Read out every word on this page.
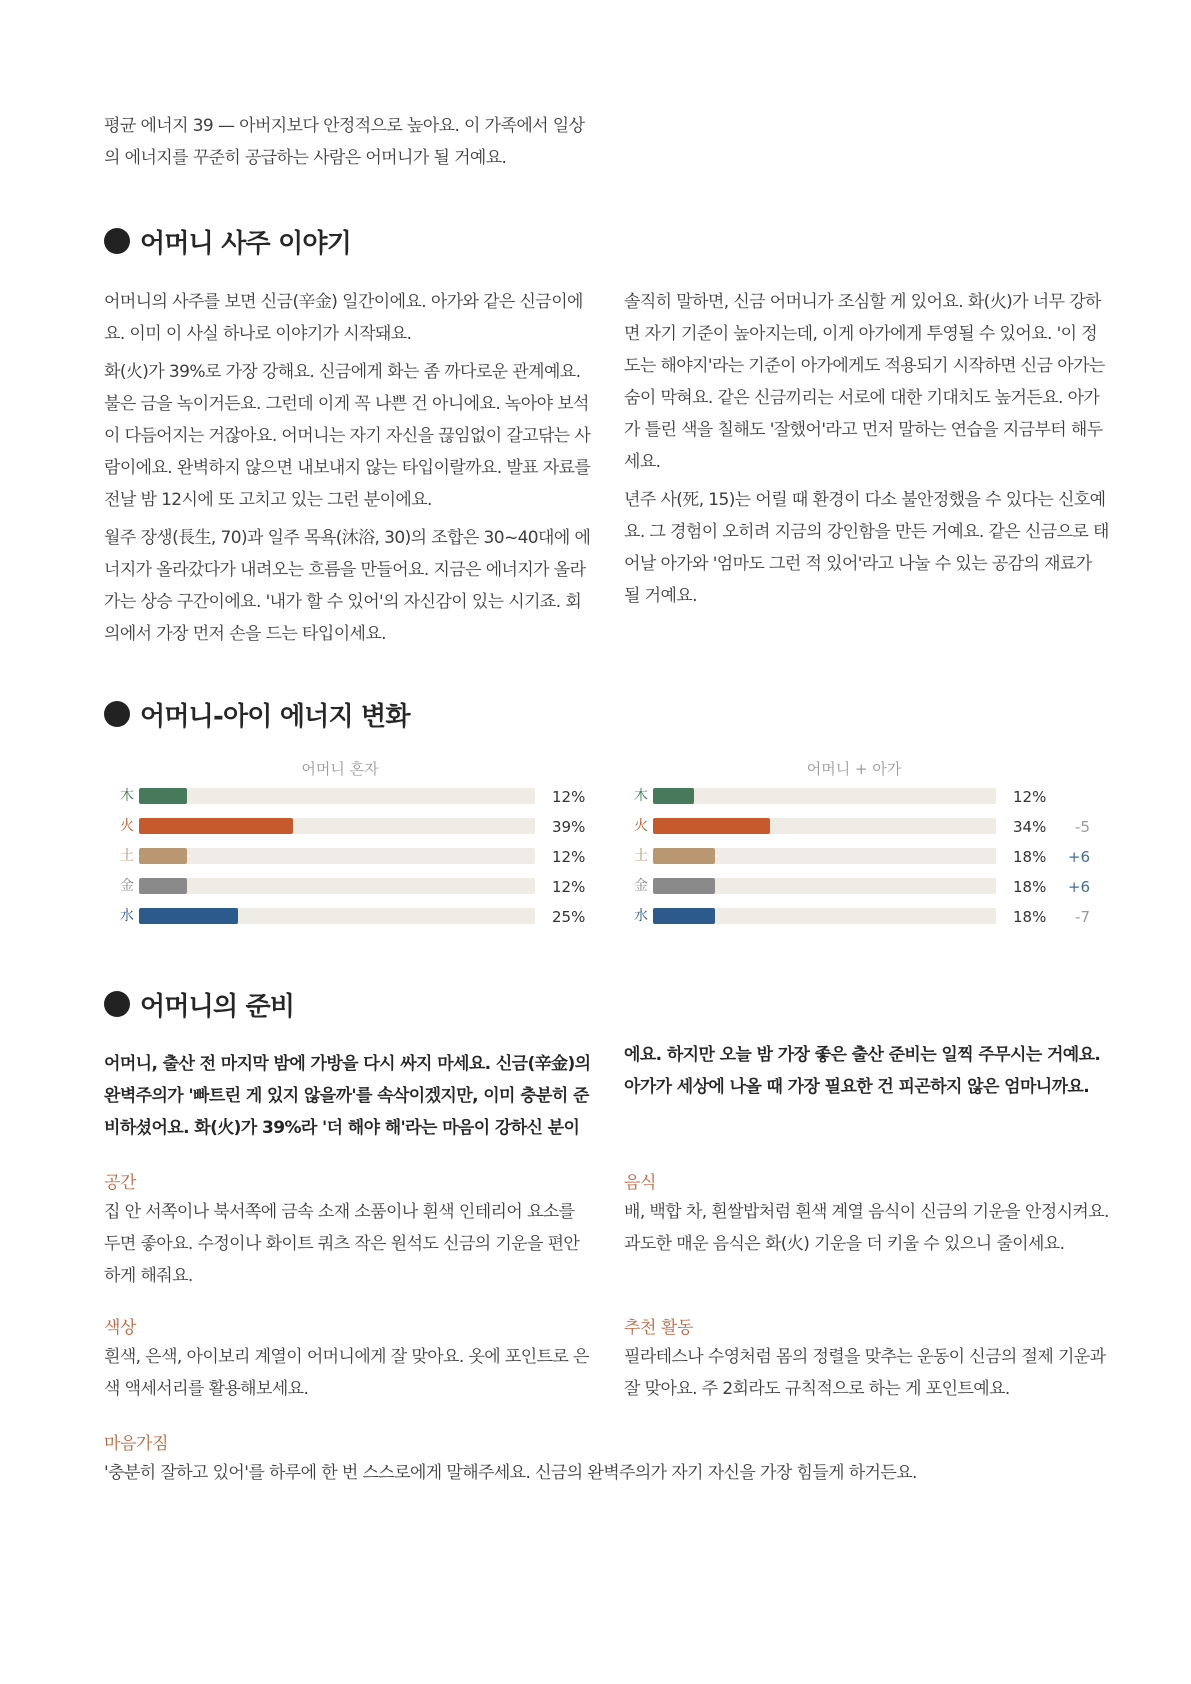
평균 에너지 39 — 아버지보다 안정적으로 높아요. 이 가족에서 일상의 에너지를 꾸준히 공급하는 사람은 어머니가 될 거예요.

어머니 사주 이야기

어머니의 사주를 보면 신금(辛金) 일간이에요. 아가와 같은 신금이에요. 이미 이 사실 하나로 이야기가 시작돼요.

화(火)가 39%로 가장 강해요. 신금에게 화는 좀 까다로운 관계예요. 불은 금을 녹이거든요. 그런데 이게 꼭 나쁜 건 아니에요. 녹아야 보석이 다듬어지는 거잖아요. 어머니는 자기 자신을 끊임없이 갈고닦는 사람이에요. 완벽하지 않으면 내보내지 않는 타입이랄까요. 발표 자료를 전날 밤 12시에 또 고치고 있는 그런 분이에요.

월주 장생(長生, 70)과 일주 목욕(沐浴, 30)의 조합은 30~40대에 에너지가 올라갔다가 내려오는 흐름을 만들어요. 지금은 에너지가 올라가는 상승 구간이에요. '내가 할 수 있어'의 자신감이 있는 시기죠. 회의에서 가장 먼저 손을 드는 타입이세요.

솔직히 말하면, 신금 어머니가 조심할 게 있어요. 화(火)가 너무 강하면 자기 기준이 높아지는데, 이게 아가에게 투영될 수 있어요. '이 정도는 해야지'라는 기준이 아가에게도 적용되기 시작하면 신금 아가는 숨이 막혀요. 같은 신금끼리는 서로에 대한 기대치도 높거든요. 아가가 틀린 색을 칠해도 '잘했어'라고 먼저 말하는 연습을 지금부터 해두세요.

년주 사(死, 15)는 어릴 때 환경이 다소 불안정했을 수 있다는 신호예요. 그 경험이 오히려 지금의 강인함을 만든 거예요. 같은 신금으로 태어날 아가와 '엄마도 그런 적 있어'라고 나눌 수 있는 공감의 재료가 될 거예요.

어머니-아이 에너지 변화
어머니 혼자	어머니 + 아가
木	12%
火	39%
土	12%
金	12%
水	25%
木	12%
火	34%	-5
土	18%	+6
金	18%	+6
水	18%	-7
어머니의 준비

어머니, 출산 전 마지막 밤에 가방을 다시 싸지 마세요. 신금(辛金)의 완벽주의가 '빠트린 게 있지 않을까'를 속삭이겠지만, 이미 충분히 준비하셨어요. 화(火)가 39%라 '더 해야 해'라는 마음이 강하신 분이

에요. 하지만 오늘 밤 가장 좋은 출산 준비는 일찍 주무시는 거예요. 아가가 세상에 나올 때 가장 필요한 건 피곤하지 않은 엄마니까요.

공간

집 안 서쪽이나 북서쪽에 금속 소재 소품이나 흰색 인테리어 요소를 두면 좋아요. 수정이나 화이트 쿼츠 작은 원석도 신금의 기운을 편안하게 해줘요.

음식

배, 백합 차, 흰쌀밥처럼 흰색 계열 음식이 신금의 기운을 안정시켜요. 과도한 매운 음식은 화(火) 기운을 더 키울 수 있으니 줄이세요.

색상

흰색, 은색, 아이보리 계열이 어머니에게 잘 맞아요. 옷에 포인트로 은색 액세서리를 활용해보세요.

추천 활동

필라테스나 수영처럼 몸의 정렬을 맞추는 운동이 신금의 절제 기운과 잘 맞아요. 주 2회라도 규칙적으로 하는 게 포인트예요.

마음가짐

'충분히 잘하고 있어'를 하루에 한 번 스스로에게 말해주세요. 신금의 완벽주의가 자기 자신을 가장 힘들게 하거든요.
